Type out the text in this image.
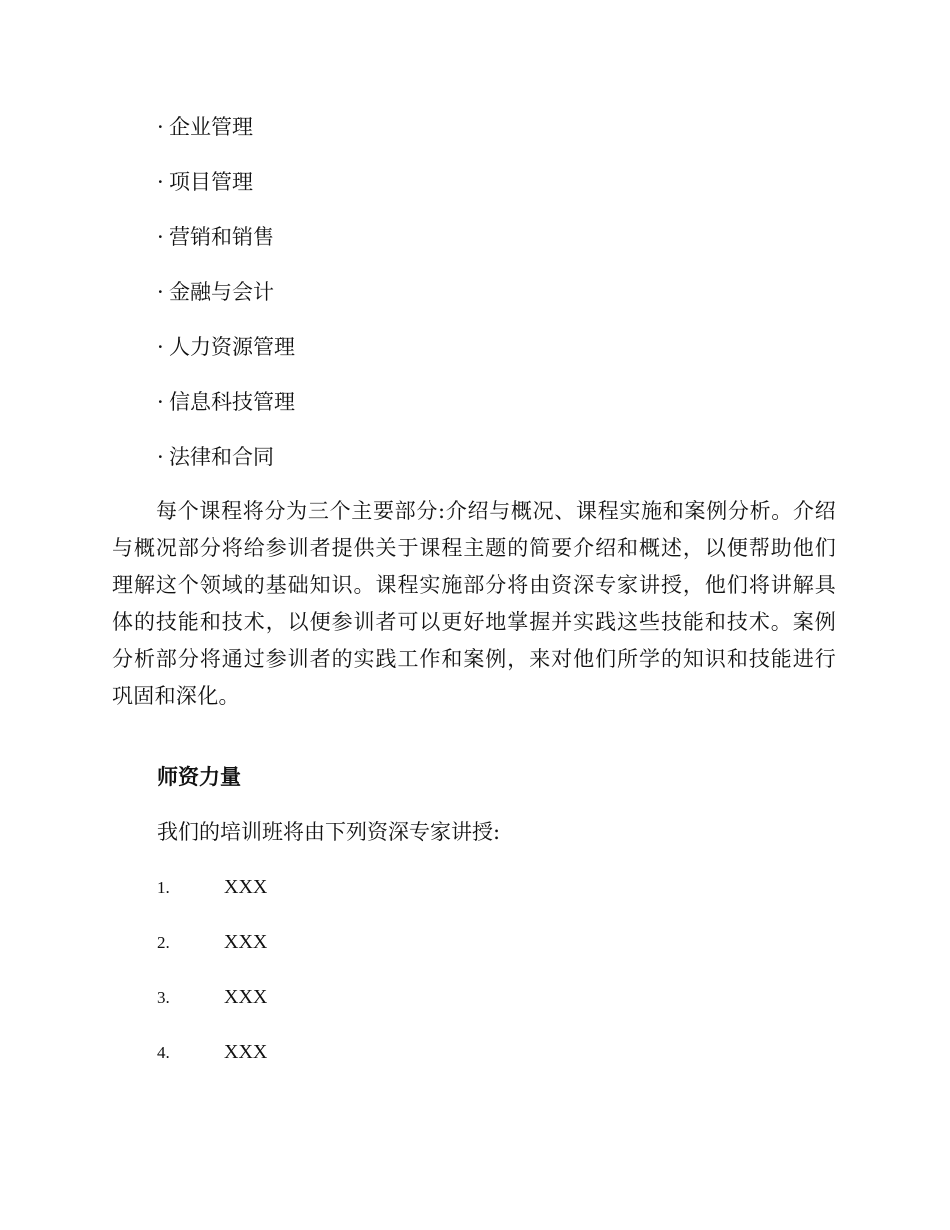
· 企业管理
· 项目管理
· 营销和销售
· 金融与会计
· 人力资源管理
· 信息科技管理
· 法律和合同

每个课程将分为三个主要部分:介绍与概况、课程实施和案例分析。介绍与概况部分将给参训者提供关于课程主题的简要介绍和概述，以便帮助他们理解这个领域的基础知识。课程实施部分将由资深专家讲授，他们将讲解具体的技能和技术，以便参训者可以更好地掌握并实践这些技能和技术。案例分析部分将通过参训者的实践工作和案例，来对他们所学的知识和技能进行巩固和深化。

师资力量

我们的培训班将由下列资深专家讲授:

1.	XXX
2.	XXX
3.	XXX
4.	XXX
